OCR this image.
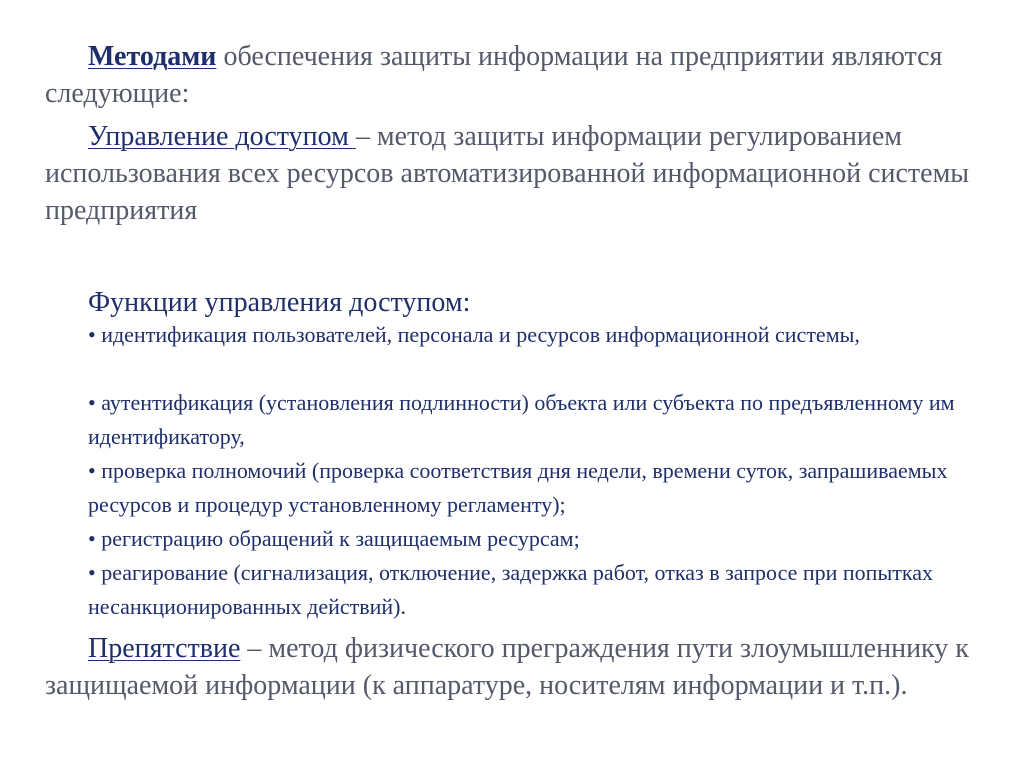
Методами обеспечения защиты информации на предприятии являются следующие:

Управление доступом – метод защиты информации регулированием использования всех ресурсов автоматизированной информационной системы предприятия

Функции управления доступом:

• идентификация пользователей, персонала и ресурсов информационной системы,

• аутентификация (установления подлинности) объекта или субъекта по предъявленному им идентификатору,

• проверка полномочий (проверка соответствия дня недели, времени суток, запрашиваемых ресурсов и процедур установленному регламенту);

• регистрацию обращений к защищаемым ресурсам;

• реагирование (сигнализация, отключение, задержка работ, отказ в запросе при попытках несанкционированных действий).

Препятствие – метод физического преграждения пути злоумышленнику к защищаемой информации (к аппаратуре, носителям информации и т.п.).
